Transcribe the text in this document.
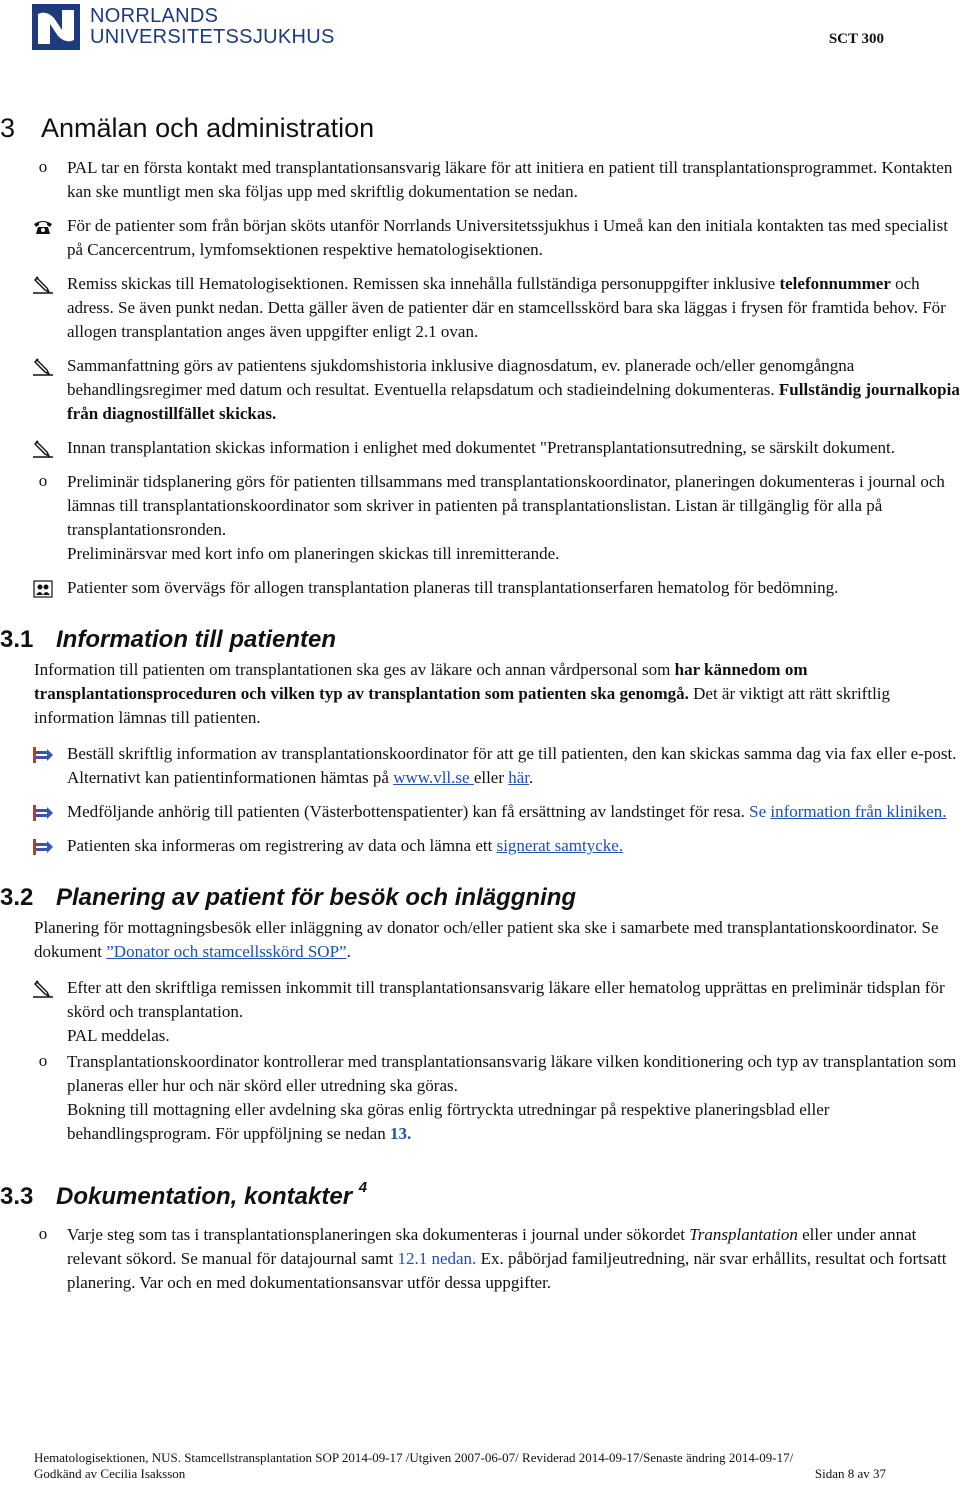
NORRLANDS
UNIVERSITETSSJUKHUS	SCT 300
3 Anmälan och administration
o	PAL tar en första kontakt med transplantationsansvarig läkare för att initiera en patient till transplantationsprogrammet. Kontakten kan ske muntligt men ska följas upp med skriftlig dokumentation se nedan.
För de patienter som från början sköts utanför Norrlands Universitetssjukhus i Umeå kan den initiala kontakten tas med specialist på Cancercentrum, lymfomsektionen respektive hematologisektionen.
Remiss skickas till Hematologisektionen. Remissen ska innehålla fullständiga personuppgifter inklusive telefonnummer och adress. Se även punkt nedan. Detta gäller även de patienter där en stamcellsskörd bara ska läggas i frysen för framtida behov. För allogen transplantation anges även uppgifter enligt 2.1 ovan.
Sammanfattning görs av patientens sjukdomshistoria inklusive diagnosdatum, ev. planerade och/eller genomgångna behandlingsregimer med datum och resultat. Eventuella relapsdatum och stadieindelning dokumenteras. Fullständig journalkopia från diagnostillfället skickas.
Innan transplantation skickas information i enlighet med dokumentet "Pretransplantationsutredning, se särskilt dokument.
o	Preliminär tidsplanering görs för patienten tillsammans med transplantationskoordinator, planeringen dokumenteras i journal och lämnas till transplantationskoordinator som skriver in patienten på transplantationslistan. Listan är tillgänglig för alla på transplantationsronden.
Preliminärsvar med kort info om planeringen skickas till inremitterande.
Patienter som övervägs för allogen transplantation planeras till transplantationserfaren hematolog för bedömning.
3.1 Information till patienten

Information till patienten om transplantationen ska ges av läkare och annan vårdpersonal som har kännedom om transplantationsproceduren och vilken typ av transplantation som patienten ska genomgå. Det är viktigt att rätt skriftlig information lämnas till patienten.

Beställ skriftlig information av transplantationskoordinator för att ge till patienten, den kan skickas samma dag via fax eller e-post. Alternativt kan patientinformationen hämtas på www.vll.se eller här.
Medföljande anhörig till patienten (Västerbottenspatienter) kan få ersättning av landstinget för resa. Se information från kliniken.
Patienten ska informeras om registrering av data och lämna ett signerat samtycke.
3.2 Planering av patient för besök och inläggning

Planering för mottagningsbesök eller inläggning av donator och/eller patient ska ske i samarbete med transplantationskoordinator. Se dokument ”Donator och stamcellsskörd SOP”.

Efter att den skriftliga remissen inkommit till transplantationsansvarig läkare eller hematolog upprättas en preliminär tidsplan för skörd och transplantation.
PAL meddelas.
o	Transplantationskoordinator kontrollerar med transplantationsansvarig läkare vilken konditionering och typ av transplantation som planeras eller hur och när skörd eller utredning ska göras.
Bokning till mottagning eller avdelning ska göras enlig förtryckta utredningar på respektive planeringsblad eller behandlingsprogram. För uppföljning se nedan 13.
3.3 Dokumentation, kontakter $^4$
o	Varje steg som tas i transplantationsplaneringen ska dokumenteras i journal under sökordet Transplantation eller under annat relevant sökord. Se manual för datajournal samt 12.1 nedan. Ex. påbörjad familjeutredning, när svar erhållits, resultat och fortsatt planering. Var och en med dokumentationsansvar utför dessa uppgifter.
Hematologisektionen, NUS. Stamcellstransplantation SOP 2014-09-17 /Utgiven 2007-06-07/ Reviderad 2014-09-17/Senaste ändring 2014-09-17/
Godkänd av Cecilia Isaksson	Sidan 8 av 37
